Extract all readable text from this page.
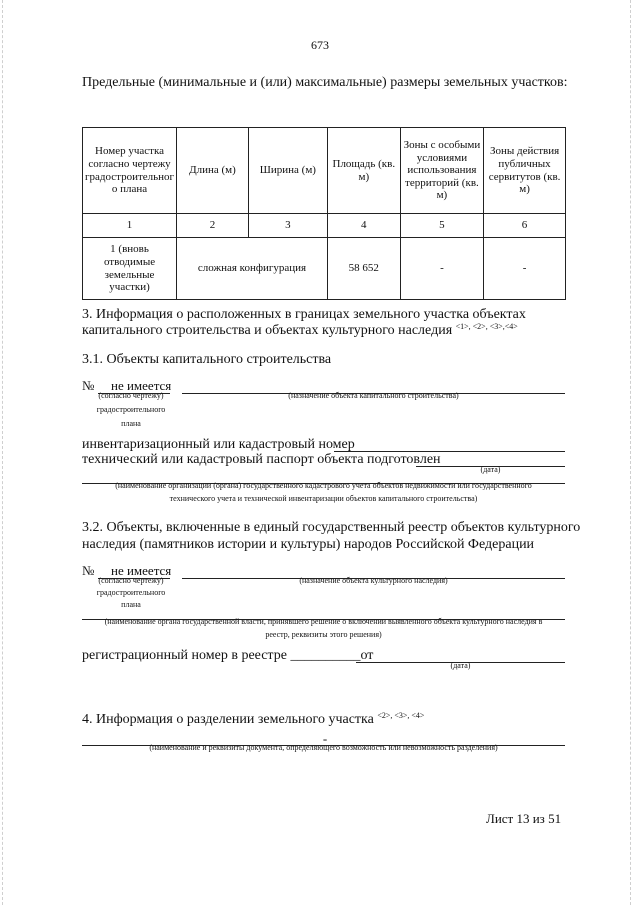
673
Предельные (минимальные и (или) максимальные) размеры земельных участков:
Номер участка согласно чертежу градостроительног о плана	Длина (м)	Ширина (м)	Площадь (кв. м)	Зоны с особыми условиями использования территорий (кв. м)	Зоны действия публичных сервитутов (кв. м)
1	2	3	4	5	6
1 (вновь отводимые земельные участки)	сложная конфигурация		58 652	-	-
3. Информация о расположенных в границах земельного участка объектах
капитального строительства и объектах культурного наследия $^{<1>, <2>, <3>,<4>}$
3.1. Объекты капитального строительства
№ не имеется
(согласно чертежу)
градостроительного
плана
(назначение объекта капитального строительства)
инвентаризационный или кадастровый номер
технический или кадастровый паспорт объекта подготовлен
(дата)
(наименование организации (органа) государственного кадастрового учета объектов недвижимости или государственного
технического учета и технической инвентаризации объектов капитального строительства)
3.2. Объекты, включенные в единый государственный реестр объектов культурного
наследия (памятников истории и культуры) народов Российской Федерации
№ не имеется
(согласно чертежу)
градостроительного
плана
(назначение объекта культурного наследия)
(наименование органа государственной власти, принявшего решение о включении выявленного объекта культурного наследия в
реестр, реквизиты этого решения)
регистрационный номер в реестре __________от
(дата)
4. Информация о разделении земельного участка $^{<2>, <3>, <4>}$
-
(наименование и реквизиты документа, определяющего возможность или невозможность разделения)
Лист 13 из 51
